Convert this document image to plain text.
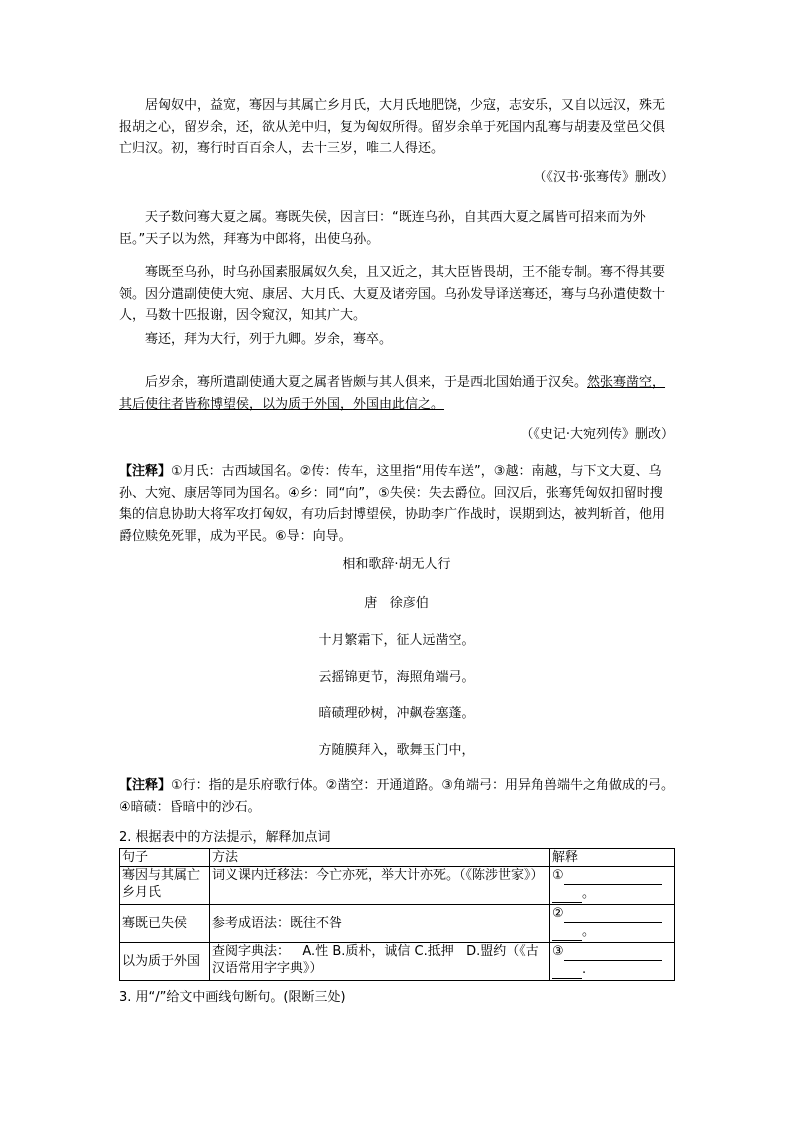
居匈奴中，益宽，骞因与其属亡乡月氏，大月氏地肥饶，少寇，志安乐，又自以远汉，殊无报胡之心，留岁余，还，欲从羌中归，复为匈奴所得。留岁余单于死国内乱骞与胡妻及堂邑父俱亡归汉。初，骞行时百百余人，去十三岁，唯二人得还。

（《汉书·张骞传》删改）

天子数问骞大夏之属。骞既失侯，因言曰：“既连乌孙，自其西大夏之属皆可招来而为外臣。”天子以为然，拜骞为中郎将，出使乌孙。

骞既至乌孙，时乌孙国素服属奴久矣，且又近之，其大臣皆畏胡，王不能专制。骞不得其要领。因分遣副使使大宛、康居、大月氏、大夏及诸旁国。乌孙发导译送骞还，骞与乌孙遣使数十人，马数十匹报谢，因令窥汉，知其广大。

骞还，拜为大行，列于九卿。岁余，骞卒。

后岁余，骞所遣副使通大夏之属者皆颇与其人俱来，于是西北国始通于汉矣。然张骞凿空，其后使往者皆称博望侯，以为质于外国，外国由此信之。

（《史记·大宛列传》删改）

【注释】①月氏：古西域国名。②传：传车，这里指“用传车送”，③越：南越，与下文大夏、乌孙、大宛、康居等同为国名。④乡：同“向”，⑤失侯：失去爵位。回汉后，张骞凭匈奴扣留时搜集的信息协助大将军攻打匈奴，有功后封博望侯，协助李广作战时，误期到达，被判斩首，他用爵位赎免死罪，成为平民。⑥导：向导。

相和歌辞·胡无人行

唐   徐彦伯

十月繁霜下，征人远凿空。

云摇锦更节，海照角端弓。

暗碛理砂树，冲飙卷塞蓬。

方随膜拜入，歌舞玉门中，

【注释】①行：指的是乐府歌行体。②凿空：开通道路。③角端弓：用异角兽端牛之角做成的弓。④暗碛：昏暗中的沙石。

2. 根据表中的方法提示，解释加点词

句子	方法	解释
骞因与其属亡乡月氏	词义课内迁移法：今亡亦死，举大计亦死。（《陈涉世家》）	①
。
骞既已失侯	参考成语法：既往不咎	②
。
以为质于外国	查阅字典法：   A.性 B.质朴，诚信 C.抵押   D.盟约（《古汉语常用字字典》）	③
.

3. 用“/”给文中画线句断句。(限断三处)
